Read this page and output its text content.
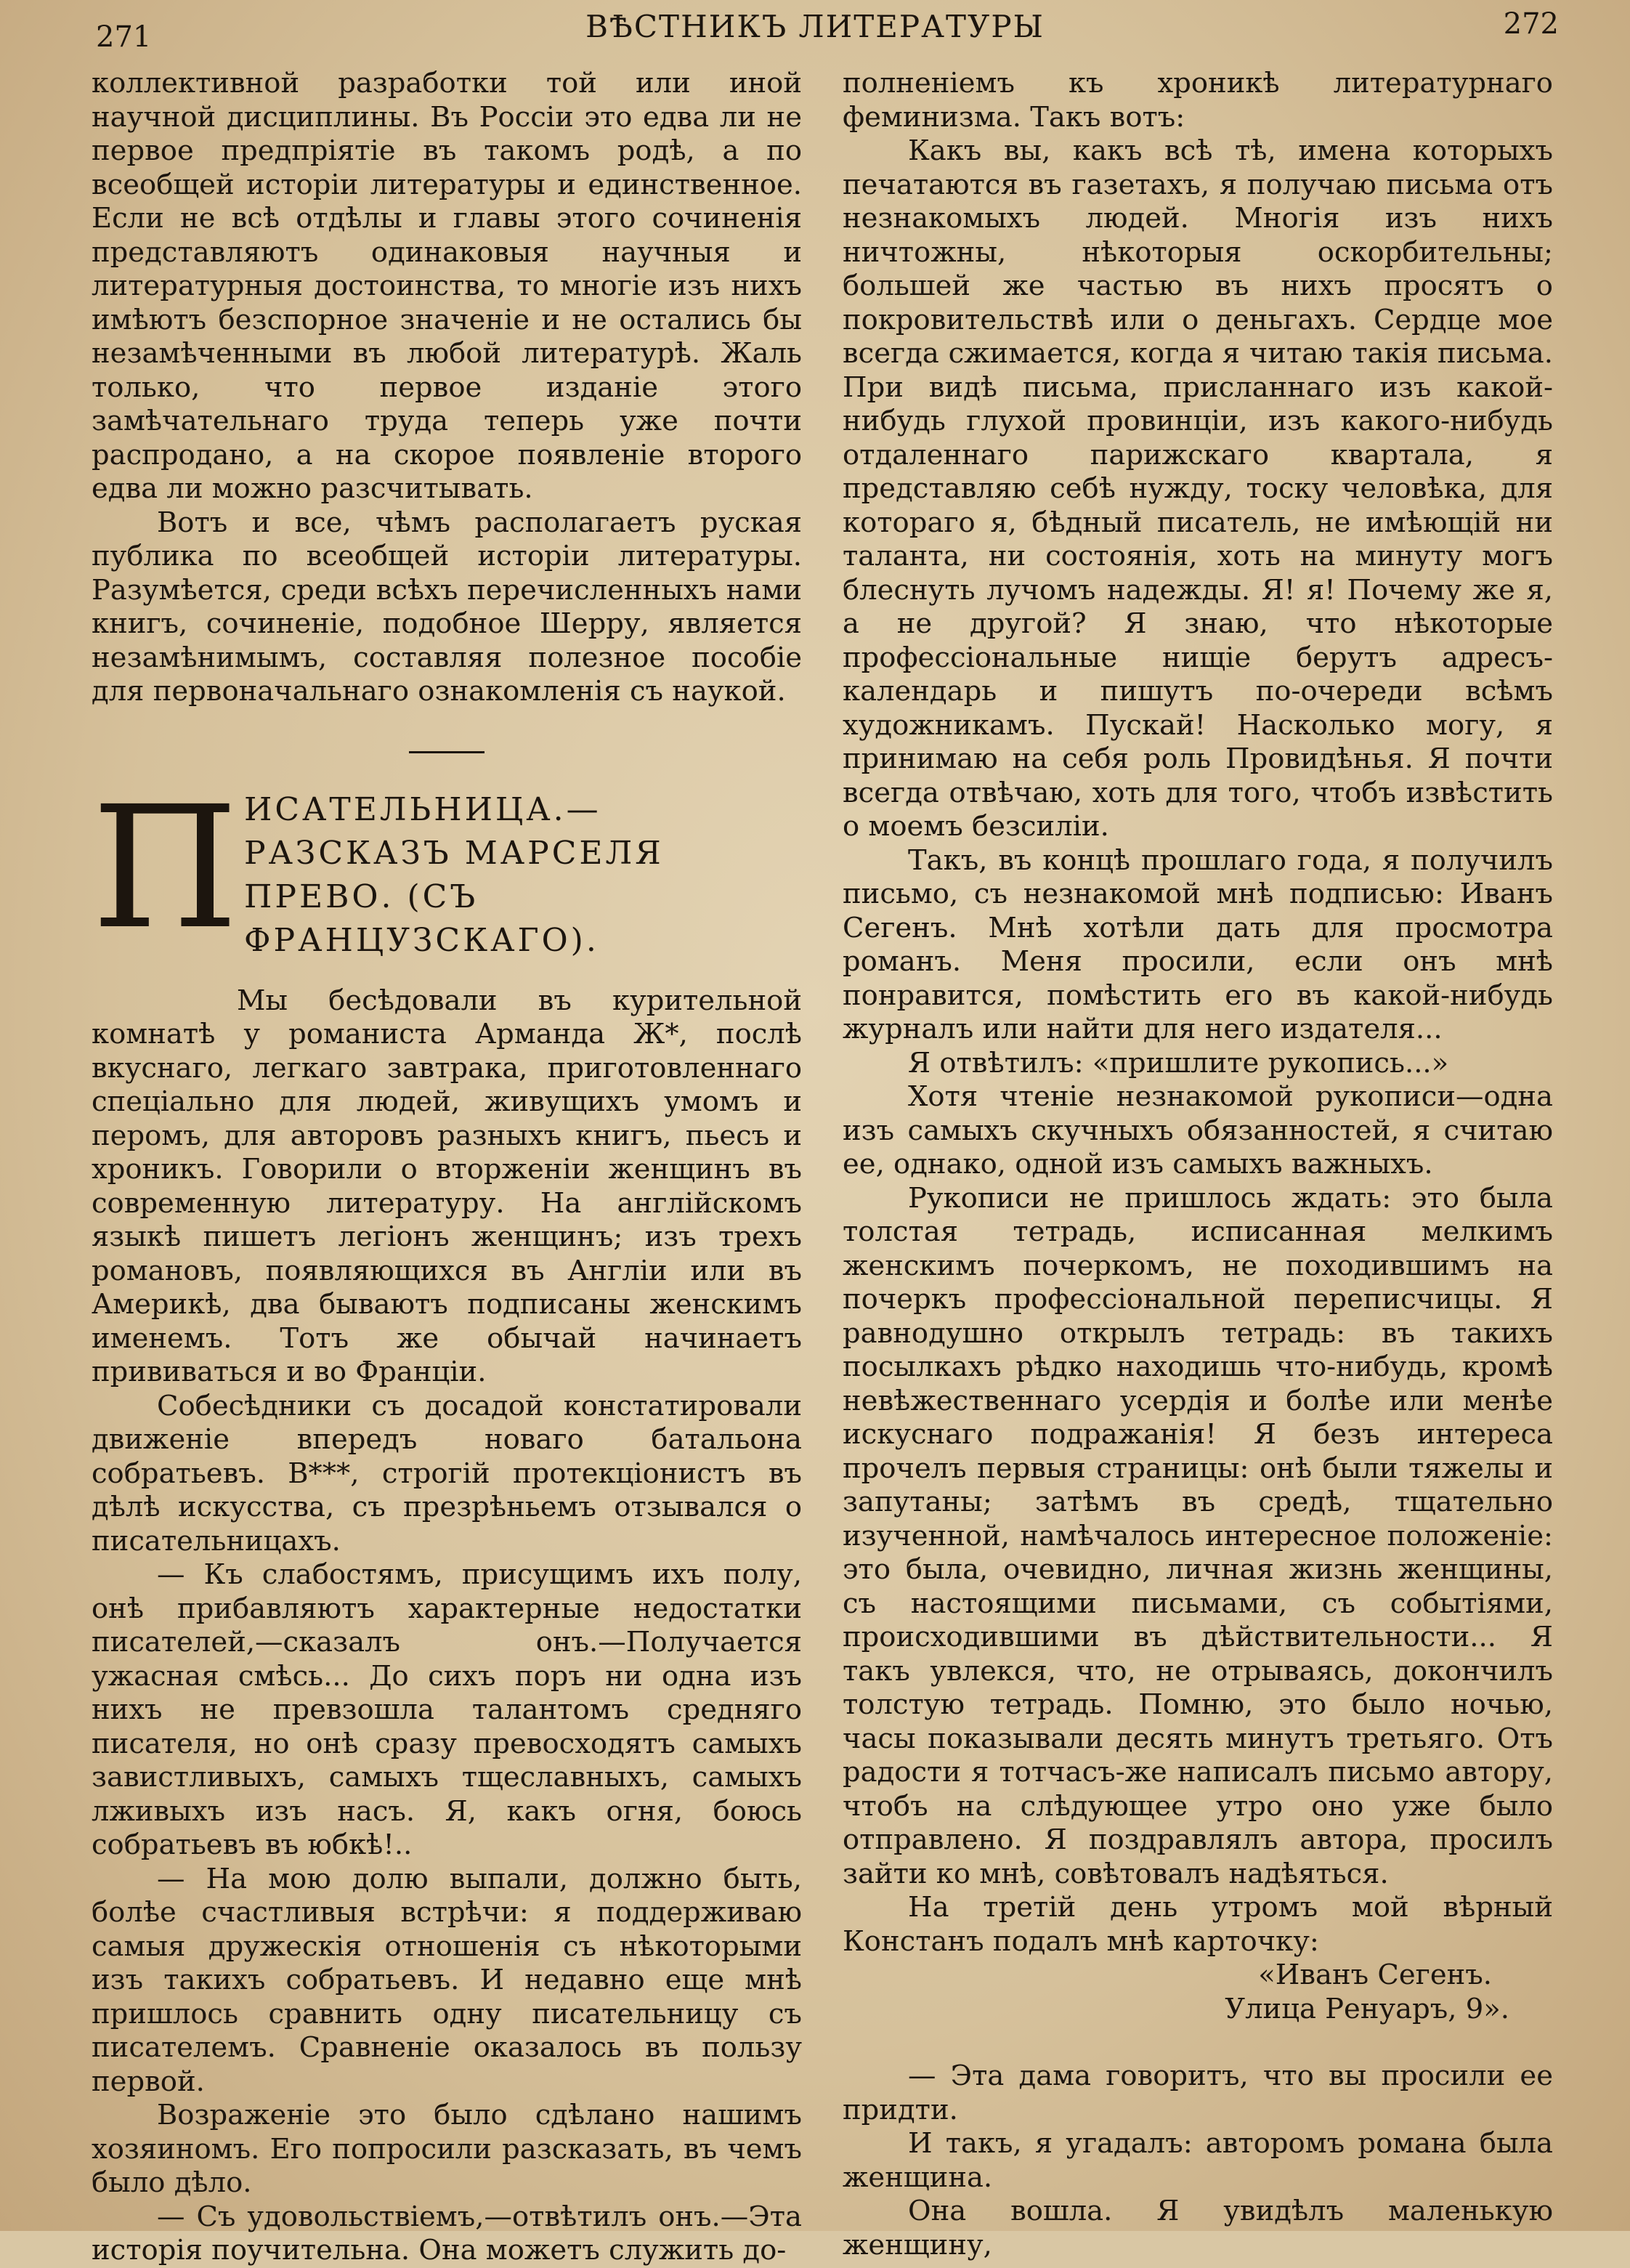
271	ВѢСТНИКЪ ЛИТЕРАТУРЫ	272

коллективной разработки той или иной научной дисциплины. Въ Россіи это едва ли не первое предпріятіе въ такомъ родѣ, а по всеобщей исторіи литературы и единственное. Если не всѣ отдѣлы и главы этого сочиненія представляютъ одинаковыя научныя и литературныя достоинства, то многіе изъ нихъ имѣютъ безспорное значеніе и не остались бы незамѣченными въ любой литературѣ. Жаль только, что первое изданіе этого замѣчательнаго труда теперь уже почти распродано, а на скорое появленіе второго едва ли можно разсчитывать.

Вотъ и все, чѣмъ располагаетъ руская публика по всеобщей исторіи литературы. Разумѣется, среди всѣхъ перечисленныхъ нами книгъ, сочиненіе, подобное Шерру, является незамѣнимымъ, составляя полезное пособіе для первоначальнаго ознакомленія съ наукой.

П ИСАТЕЛЬНИЦА.—РАЗСКАЗЪ МАРСЕЛЯ ПРЕВО. (СЪ ФРАНЦУЗСКАГО).

Мы бесѣдовали въ курительной комнатѣ у романиста Арманда Ж*, послѣ вкуснаго, легкаго завтрака, приготовленнаго спеціально для людей, живущихъ умомъ и перомъ, для авторовъ разныхъ книгъ, пьесъ и хроникъ. Говорили о вторженіи женщинъ въ современную литературу. На англійскомъ языкѣ пишетъ легіонъ женщинъ; изъ трехъ романовъ, появляющихся въ Англіи или въ Америкѣ, два бываютъ подписаны женскимъ именемъ. Тотъ же обычай начинаетъ прививаться и во Франціи.

Собесѣдники съ досадой констатировали движеніе впередъ новаго батальона собратьевъ. В***, строгій протекціонистъ въ дѣлѣ искусства, съ презрѣньемъ отзывался о писательницахъ.

— Къ слабостямъ, присущимъ ихъ полу, онѣ прибавляютъ характерные недостатки писателей,—сказалъ онъ.—Получается ужасная смѣсь... До сихъ поръ ни одна изъ нихъ не превзошла талантомъ средняго писателя, но онѣ сразу превосходятъ самыхъ завистливыхъ, самыхъ тщеславныхъ, самыхъ лживыхъ изъ насъ. Я, какъ огня, боюсь собратьевъ въ юбкѣ!..

— На мою долю выпали, должно быть, болѣе счастливыя встрѣчи: я поддерживаю самыя дружескія отношенія съ нѣкоторыми изъ такихъ собратьевъ. И недавно еще мнѣ пришлось сравнить одну писательницу съ писателемъ. Сравненіе оказалось въ пользу первой.

Возраженіе это было сдѣлано нашимъ хозяиномъ. Его попросили разсказать, въ чемъ было дѣло.

— Съ удовольствіемъ,—отвѣтилъ онъ.—Эта исторія поучительна. Она можетъ служить до-

полненіемъ къ хроникѣ литературнаго феминизма. Такъ вотъ:

Какъ вы, какъ всѣ тѣ, имена которыхъ печатаются въ газетахъ, я получаю письма отъ незнакомыхъ людей. Многія изъ нихъ ничтожны, нѣкоторыя оскорбительны; большей же частью въ нихъ просятъ о покровительствѣ или о деньгахъ. Сердце мое всегда сжимается, когда я читаю такія письма. При видѣ письма, присланнаго изъ какой-нибудь глухой провинціи, изъ какого-нибудь отдаленнаго парижскаго квартала, я представляю себѣ нужду, тоску человѣка, для котораго я, бѣдный писатель, не имѣющій ни таланта, ни состоянія, хоть на минуту могъ блеснуть лучомъ надежды. Я! я! Почему же я, а не другой? Я знаю, что нѣкоторые профессіональные нищіе берутъ адресъ-календарь и пишутъ по-очереди всѣмъ художникамъ. Пускай! Насколько могу, я принимаю на себя роль Провидѣнья. Я почти всегда отвѣчаю, хоть для того, чтобъ извѣстить о моемъ безсиліи.

Такъ, въ концѣ прошлаго года, я получилъ письмо, съ незнакомой мнѣ подписью: Иванъ Сегенъ. Мнѣ хотѣли дать для просмотра романъ. Меня просили, если онъ мнѣ понравится, помѣстить его въ какой-нибудь журналъ или найти для него издателя...

Я отвѣтилъ: «пришлите рукопись...»

Хотя чтеніе незнакомой рукописи—одна изъ самыхъ скучныхъ обязанностей, я считаю ее, однако, одной изъ самыхъ важныхъ.

Рукописи не пришлось ждать: это была толстая тетрадь, исписанная мелкимъ женскимъ почеркомъ, не походившимъ на почеркъ профессіональной переписчицы. Я равнодушно открылъ тетрадь: въ такихъ посылкахъ рѣдко находишь что-нибудь, кромѣ невѣжественнаго усердія и болѣе или менѣе искуснаго подражанія! Я безъ интереса прочелъ первыя страницы: онѣ были тяжелы и запутаны; затѣмъ въ средѣ, тщательно изученной, намѣчалось интересное положеніе: это была, очевидно, личная жизнь женщины, съ настоящими письмами, съ событіями, происходившими въ дѣйствительности... Я такъ увлекся, что, не отрываясь, докончилъ толстую тетрадь. Помню, это было ночью, часы показывали десять минутъ третьяго. Отъ радости я тотчасъ-же написалъ письмо автору, чтобъ на слѣдующее утро оно уже было отправлено. Я поздравлялъ автора, просилъ зайти ко мнѣ, совѣтовалъ надѣяться.

На третій день утромъ мой вѣрный Констанъ подалъ мнѣ карточку:

«Иванъ Сегенъ.

Улица Ренуаръ, 9».

— Эта дама говоритъ, что вы просили ее придти.

И такъ, я угадалъ: авторомъ романа была женщина.

Она вошла. Я увидѣлъ маленькую женщину,
